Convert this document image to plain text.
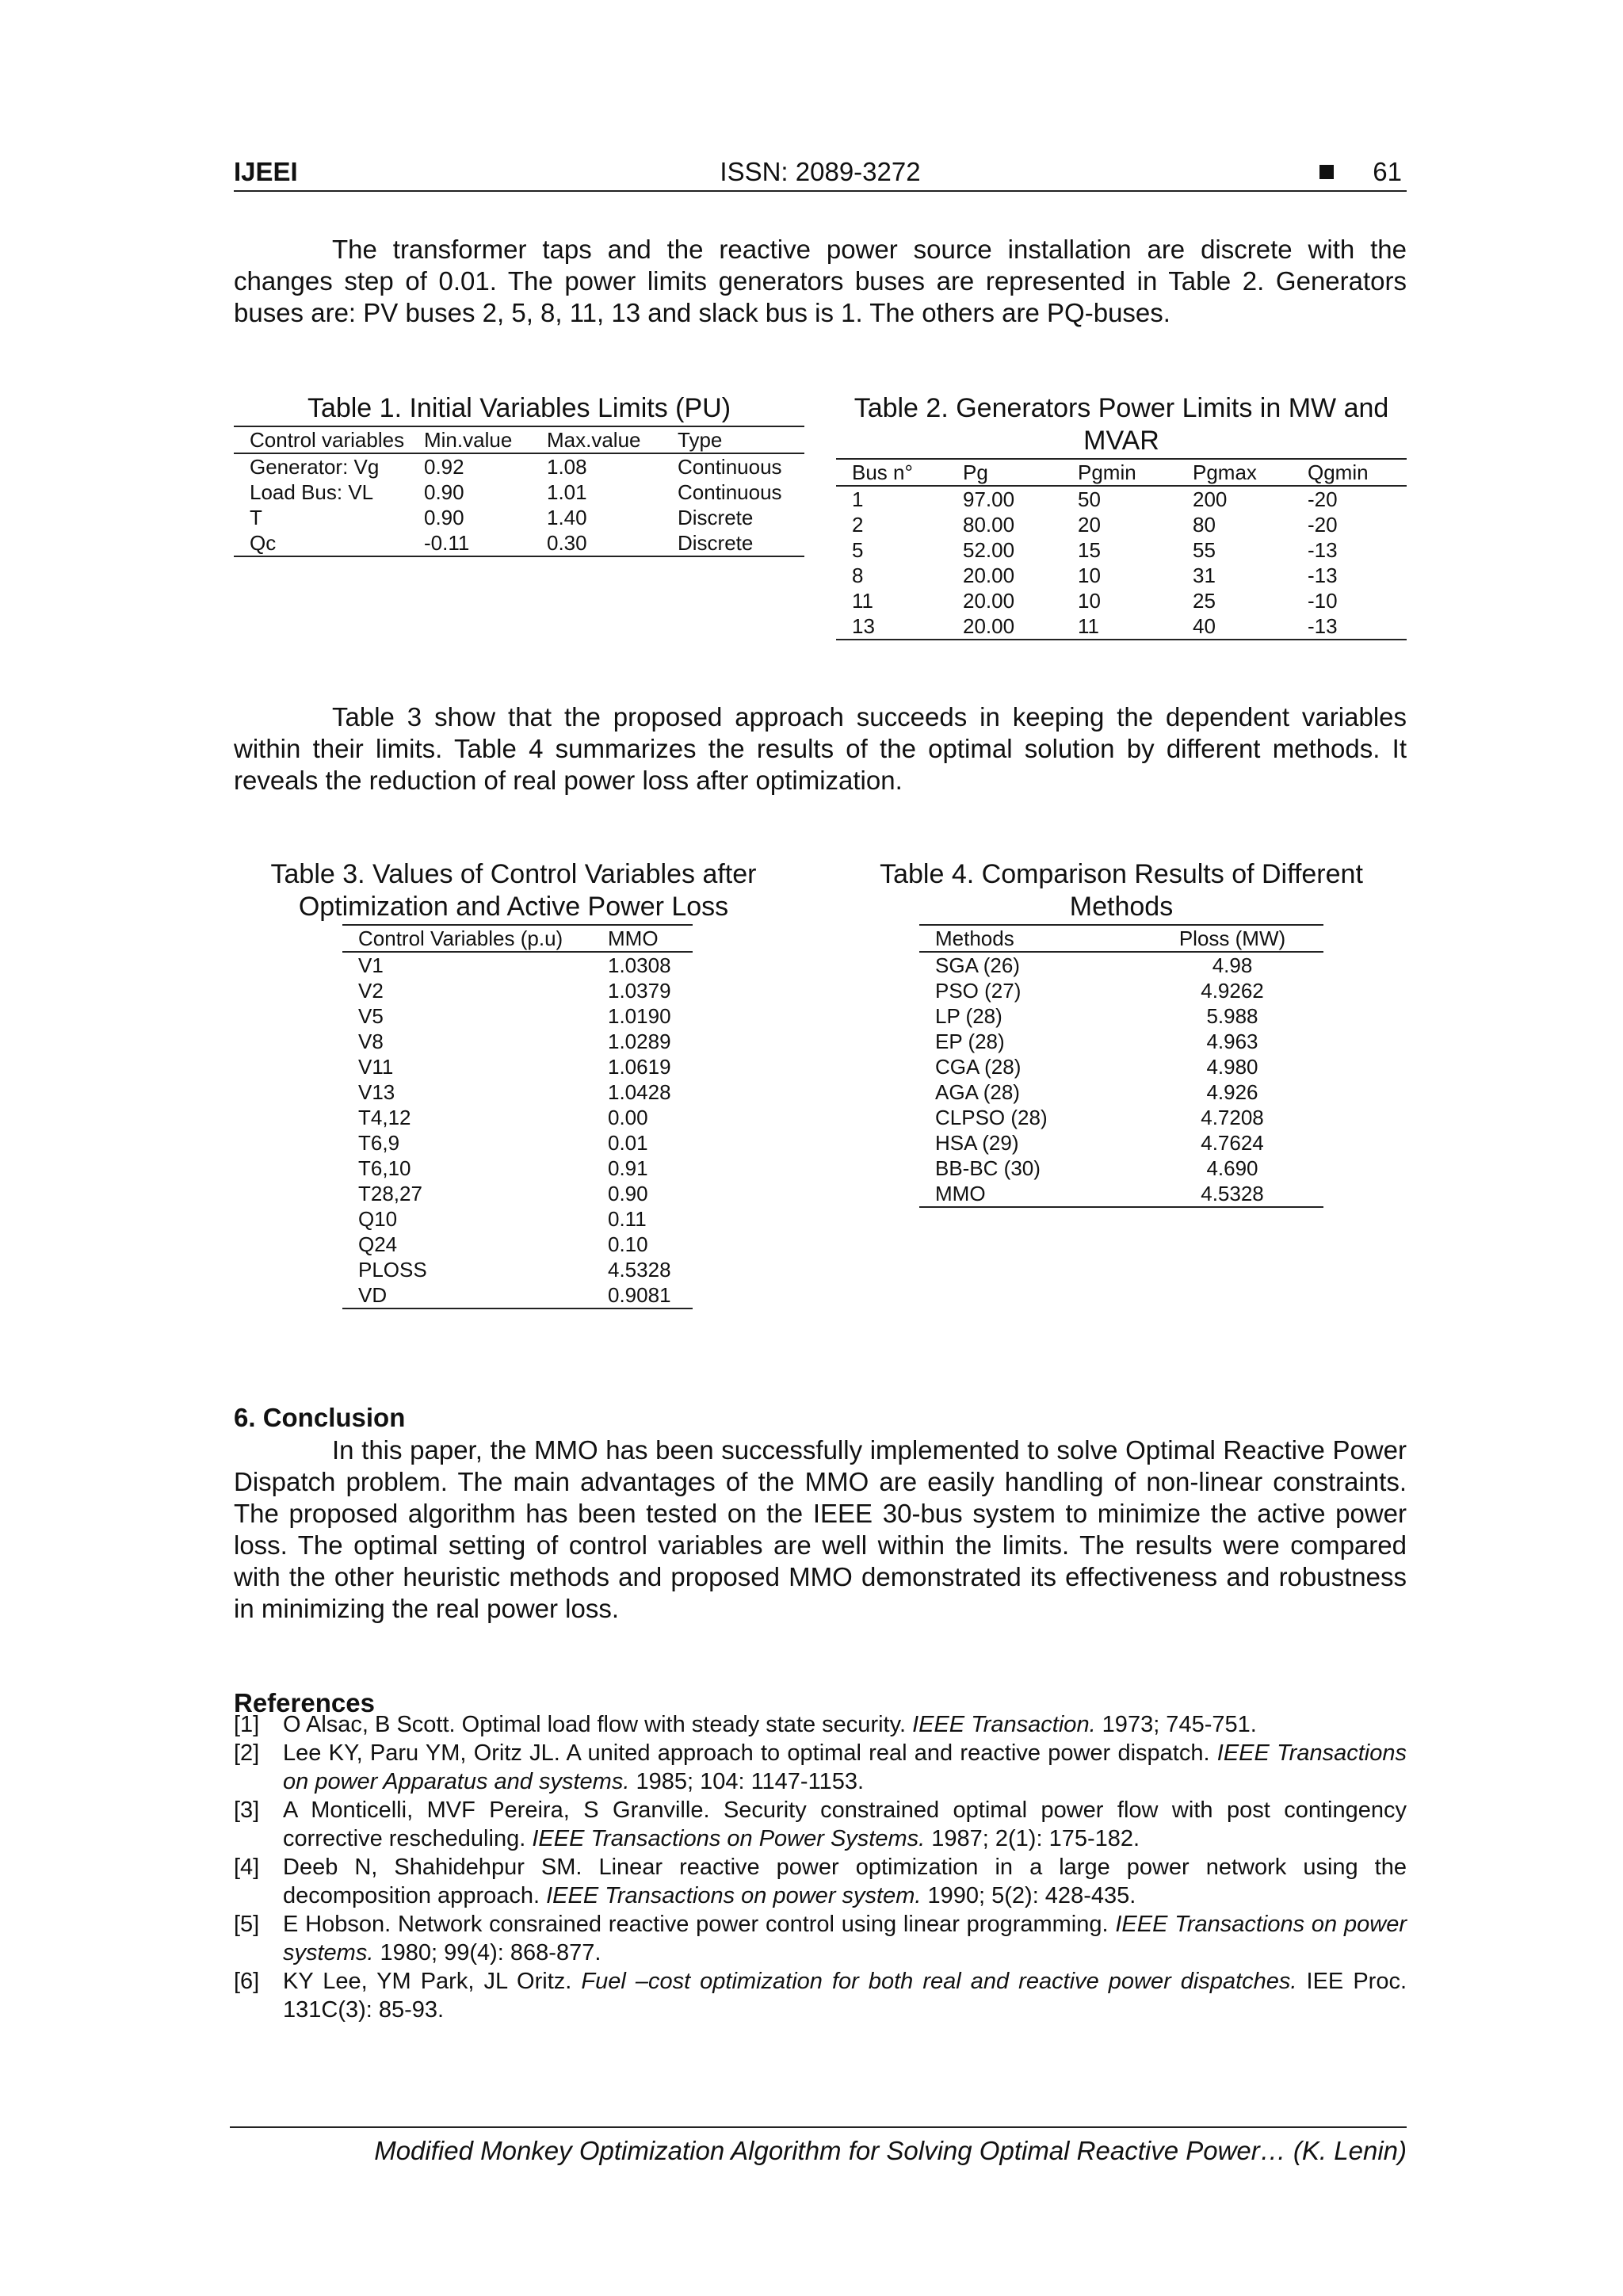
IJEEI	ISSN: 2089-3272	61

The transformer taps and the reactive power source installation are discrete with the changes step of 0.01. The power limits generators buses are represented in Table 2. Generators buses are: PV buses 2, 5, 8, 11, 13 and slack bus is 1. The others are PQ-buses.

Table 1. Initial Variables Limits (PU)
Control variables	Min.value	Max.value	Type
Generator: Vg	0.92	1.08	Continuous
Load Bus: VL	0.90	1.01	Continuous
T	0.90	1.40	Discrete
Qc	-0.11	0.30	Discrete
Table 2. Generators Power Limits in MW and MVAR
Bus n°	Pg	Pgmin	Pgmax	Qgmin
1	97.00	50	200	-20
2	80.00	20	80	-20
5	52.00	15	55	-13
8	20.00	10	31	-13
11	20.00	10	25	-10
13	20.00	11	40	-13

Table 3 show that the proposed approach succeeds in keeping the dependent variables within their limits. Table 4 summarizes the results of the optimal solution by different methods. It reveals the reduction of real power loss after optimization.

Table 3. Values of Control Variables after Optimization and Active Power Loss
Control Variables (p.u)	MMO
V1	1.0308
V2	1.0379
V5	1.0190
V8	1.0289
V11	1.0619
V13	1.0428
T4,12	0.00
T6,9	0.01
T6,10	0.91
T28,27	0.90
Q10	0.11
Q24	0.10
PLOSS	4.5328
VD	0.9081
Table 4. Comparison Results of Different Methods
Methods	Ploss (MW)
SGA (26)	4.98
PSO (27)	4.9262
LP (28)	5.988
EP (28)	4.963
CGA (28)	4.980
AGA (28)	4.926
CLPSO (28)	4.7208
HSA (29)	4.7624
BB-BC (30)	4.690
MMO	4.5328
6. Conclusion

In this paper, the MMO has been successfully implemented to solve Optimal Reactive Power Dispatch problem. The main advantages of the MMO are easily handling of non-linear constraints. The proposed algorithm has been tested on the IEEE 30-bus system to minimize the active power loss. The optimal setting of control variables are well within the limits. The results were compared with the other heuristic methods and proposed MMO demonstrated its effectiveness and robustness in minimizing the real power loss.

References
[1]	O Alsac, B Scott. Optimal load flow with steady state security. IEEE Transaction. 1973; 745-751.
[2]	Lee KY, Paru YM, Oritz JL. A united approach to optimal real and reactive power dispatch. IEEE Transactions on power Apparatus and systems. 1985; 104: 1147-1153.
[3]	A Monticelli, MVF Pereira, S Granville. Security constrained optimal power flow with post contingency corrective rescheduling. IEEE Transactions on Power Systems. 1987; 2(1): 175-182.
[4]	Deeb N, Shahidehpur SM. Linear reactive power optimization in a large power network using the decomposition approach. IEEE Transactions on power system. 1990; 5(2): 428-435.
[5]	E Hobson. Network consrained reactive power control using linear programming. IEEE Transactions on power systems. 1980; 99(4): 868-877.
[6]	KY Lee, YM Park, JL Oritz. Fuel –cost optimization for both real and reactive power dispatches. IEE Proc. 131C(3): 85-93.
Modified Monkey Optimization Algorithm for Solving Optimal Reactive Power… (K. Lenin)
